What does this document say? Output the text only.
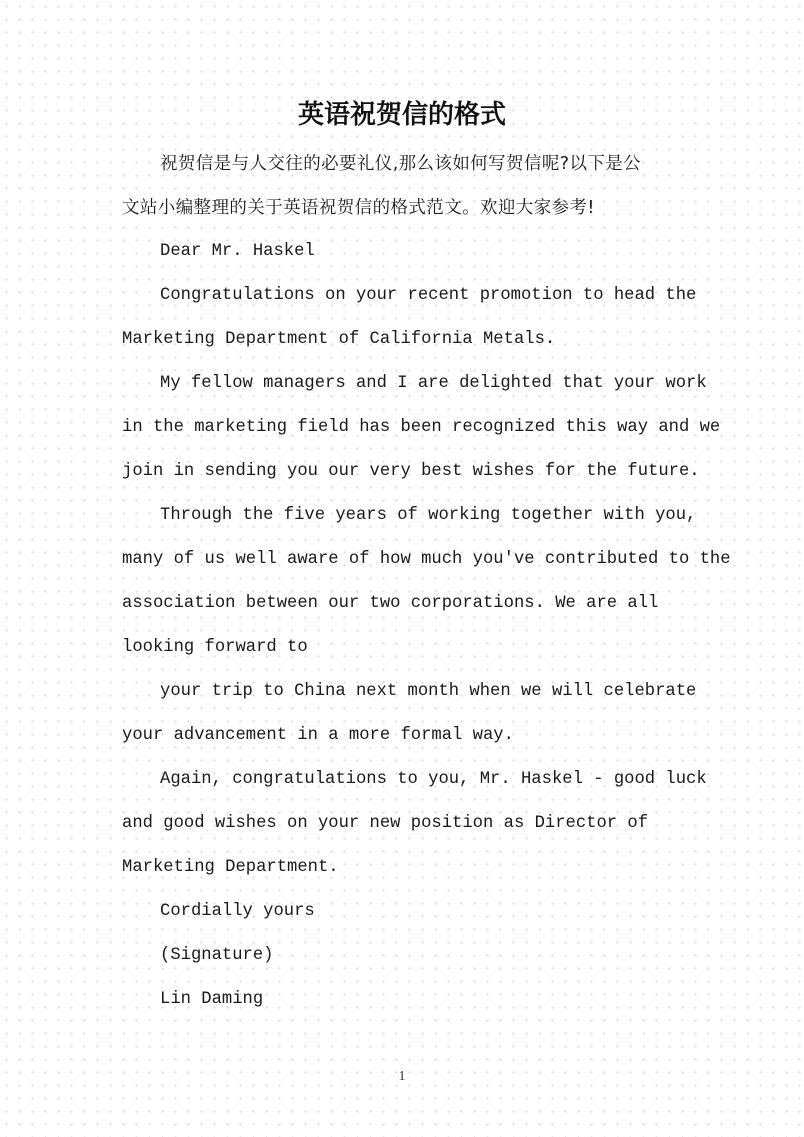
英语祝贺信的格式

祝贺信是与人交往的必要礼仪,那么该如何写贺信呢?以下是公

文站小编整理的关于英语祝贺信的格式范文。欢迎大家参考!

Dear Mr. Haskel

Congratulations on your recent promotion to head the

Marketing Department of California Metals.

My fellow managers and I are delighted that your work

in the marketing field has been recognized this way and we

join in sending you our very best wishes for the future.

Through the five years of working together with you,

many of us well aware of how much you've contributed to the

association between our two corporations. We are all

looking forward to

your trip to China next month when we will celebrate

your advancement in a more formal way.

Again, congratulations to you, Mr. Haskel - good luck

and good wishes on your new position as Director of

Marketing Department.

Cordially yours

(Signature)

Lin Daming

1
